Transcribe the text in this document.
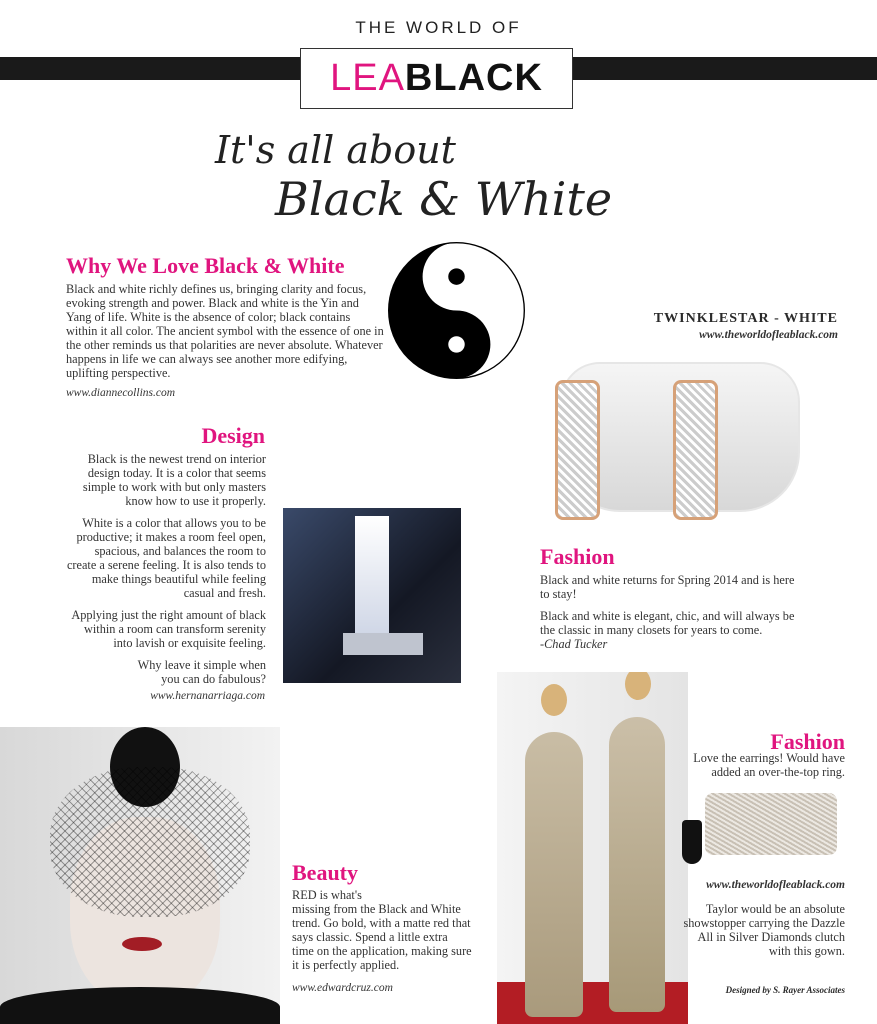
THE WORLD OF
LEABLACK
It's all about
Black & White
Why We Love Black & White
Black and white richly defines us, bringing clarity and focus, evoking strength and power. Black and white is the Yin and Yang of life. White is the absence of color; black contains within it all color. The ancient symbol with the essence of one in the other reminds us that polarities are never absolute. Whatever happens in life we can always see another more edifying, uplifting perspective.
www.diannecollins.com
TWINKLESTAR - WHITE
www.theworldofleablack.com
Design

Black is the newest trend on interior design today. It is a color that seems simple to work with but only masters know how to use it properly.

White is a color that allows you to be productive; it makes a room feel open, spacious, and balances the room to create a serene feeling. It is also tends to make things beautiful while feeling casual and fresh.

Applying just the right amount of black within a room can transform serenity into lavish or exquisite feeling.

Why leave it simple when you can do fabulous?

www.hernanarriaga.com
Fashion

Black and white returns for Spring 2014 and is here to stay!

Black and white is elegant, chic, and will always be the classic in many closets for years to come.

-Chad Tucker
Beauty
RED is what's
missing from the Black and White trend. Go bold, with a matte red that says classic. Spend a little extra time on the application, making sure it is perfectly applied.
www.edwardcruz.com
Fashion
Love the earrings! Would have added an over-the-top ring.
www.theworldofleablack.com
Taylor would be an absolute showstopper carrying the Dazzle All in Silver Diamonds clutch with this gown.
Designed by S. Rayer Associates
